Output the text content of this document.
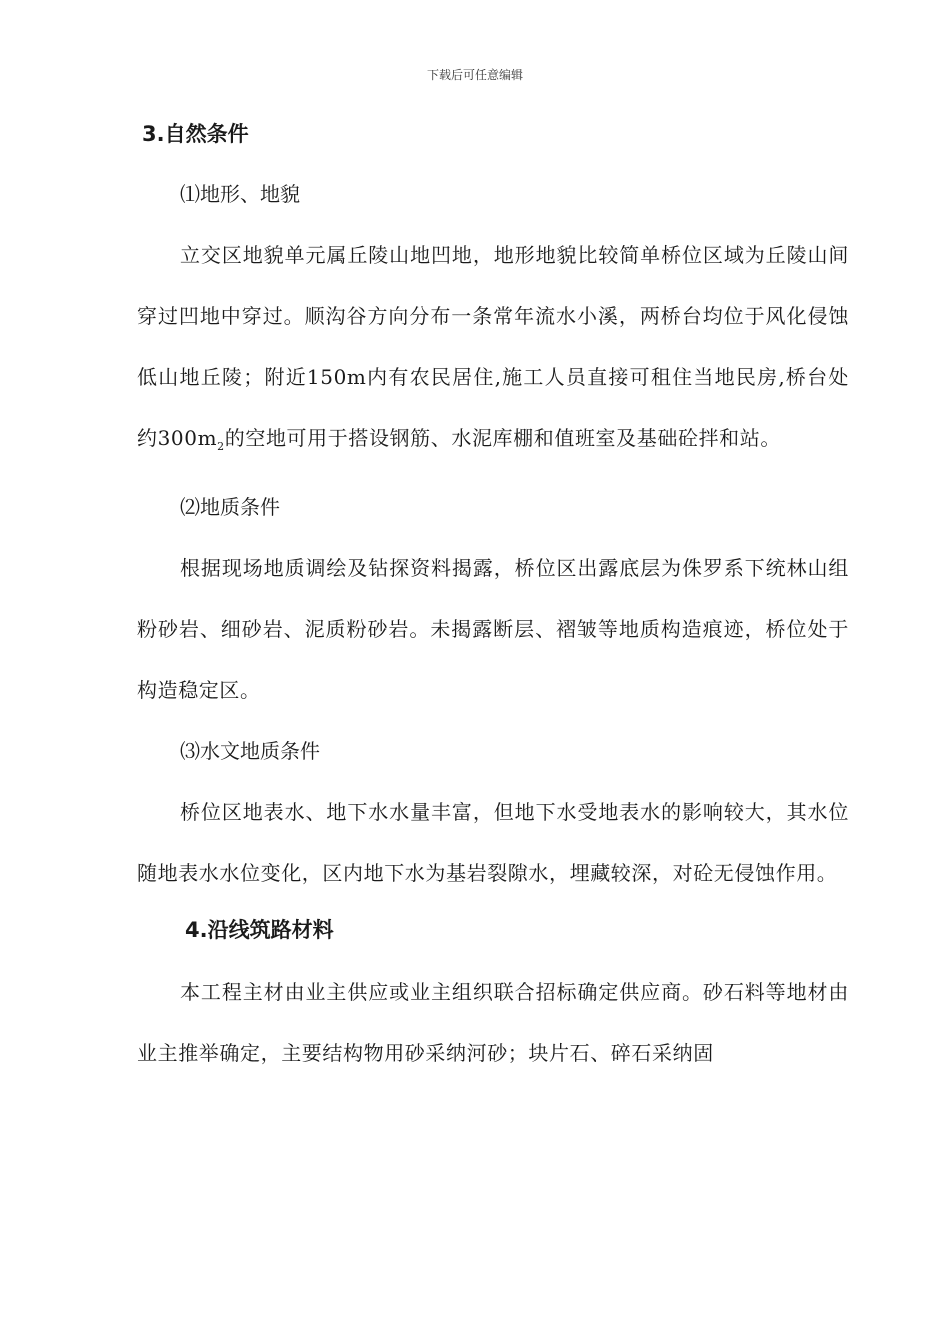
下载后可任意编辑
3.自然条件

⑴地形、地貌

立交区地貌单元属丘陵山地凹地，地形地貌比较简单桥位区域为丘陵山间穿过凹地中穿过。顺沟谷方向分布一条常年流水小溪，两桥台均位于风化侵蚀低山地丘陵；附近150m内有农民居住,施工人员直接可租住当地民房,桥台处约$300m_2$的空地可用于搭设钢筋、水泥库棚和值班室及基础砼拌和站。

⑵地质条件

根据现场地质调绘及钻探资料揭露，桥位区出露底层为侏罗系下统林山组粉砂岩、细砂岩、泥质粉砂岩。未揭露断层、褶皱等地质构造痕迹，桥位处于构造稳定区。

⑶水文地质条件

桥位区地表水、地下水水量丰富，但地下水受地表水的影响较大，其水位随地表水水位变化，区内地下水为基岩裂隙水，埋藏较深，对砼无侵蚀作用。

4.沿线筑路材料

本工程主材由业主供应或业主组织联合招标确定供应商。砂石料等地材由业主推举确定，主要结构物用砂采纳河砂；块片石、碎石采纳固
